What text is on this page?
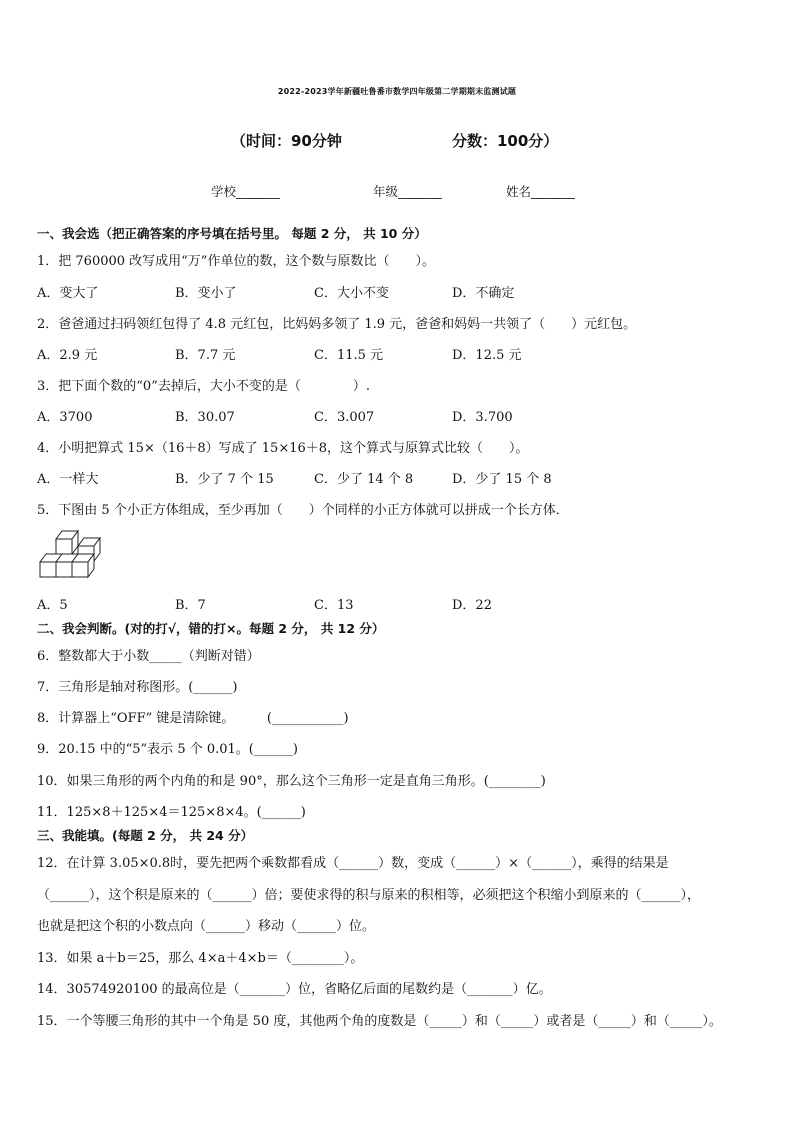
2022-2023学年新疆吐鲁番市数学四年级第二学期期末监测试题
（时间：90分钟	分数：100分）
学校_______	年级_______	姓名_______
一、我会选（把正确答案的序号填在括号里。 每题 2 分， 共 10 分）
1．把 760000 改写成用“万”作单位的数，这个数与原数比（　　）。
A．变大了	B．变小了	C．大小不变	D．不确定
2．爸爸通过扫码领红包得了 4.8 元红包，比妈妈多领了 1.9 元，爸爸和妈妈一共领了（　　）元红包。
A．2.9 元	B．7.7 元	C．11.5 元	D．12.5 元
3．把下面个数的“0”去掉后，大小不变的是（　　　　）.
A．3700	B．30.07	C．3.007	D．3.700
4．小明把算式 15×（16＋8）写成了 15×16＋8，这个算式与原算式比较（　　）。
A．一样大	B．少了 7 个 15	C．少了 14 个 8	D．少了 15 个 8
5．下图由 5 个小正方体组成，至少再加（　　）个同样的小正方体就可以拼成一个长方体．
A．5	B．7	C．13	D．22
二、我会判断。(对的打√，错的打×。每题 2 分， 共 12 分）
6．整数都大于小数_____（判断对错）
7．三角形是轴对称图形。(______)
8．计算器上“OFF” 键是清除键。　　　(___________)
9．20.15 中的“5”表示 5 个 0.01。(______)
10．如果三角形的两个内角的和是 90°，那么这个三角形一定是直角三角形。(________)
11．125×8＋125×4＝125×8×4。(______)
三、我能填。(每题 2 分， 共 24 分）
12．在计算 3.05×0.8时，要先把两个乘数都看成（______）数，变成（______）×（______），乘得的结果是
（______），这个积是原来的（______）倍；要使求得的积与原来的积相等，必须把这个积缩小到原来的（______），
也就是把这个积的小数点向（______）移动（______）位。
13．如果 a＋b＝25，那么 4×a＋4×b＝（________）。
14．30574920100 的最高位是（_______）位，省略亿后面的尾数约是（_______）亿。
15．一个等腰三角形的其中一个角是 50 度，其他两个角的度数是（_____）和（_____）或者是（_____）和（_____）。
